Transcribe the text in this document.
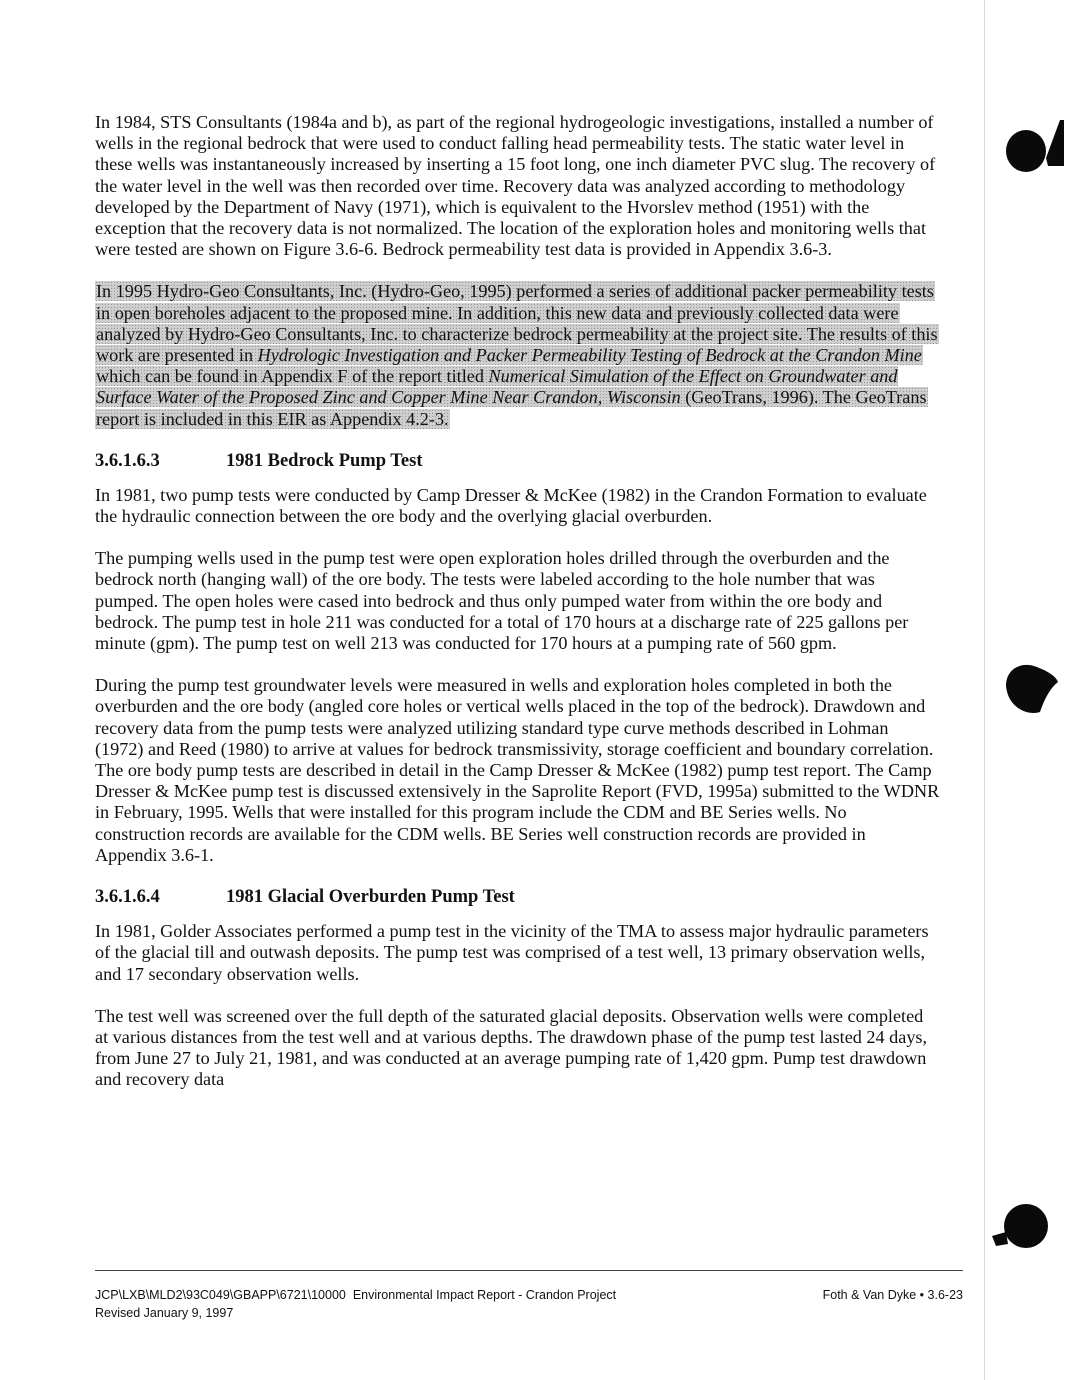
In 1984, STS Consultants (1984a and b), as part of the regional hydrogeologic investigations, installed a number of wells in the regional bedrock that were used to conduct falling head permeability tests. The static water level in these wells was instantaneously increased by inserting a 15 foot long, one inch diameter PVC slug. The recovery of the water level in the well was then recorded over time. Recovery data was analyzed according to methodology developed by the Department of Navy (1971), which is equivalent to the Hvorslev method (1951) with the exception that the recovery data is not normalized. The location of the exploration holes and monitoring wells that were tested are shown on Figure 3.6-6. Bedrock permeability test data is provided in Appendix 3.6-3.

In 1995 Hydro-Geo Consultants, Inc. (Hydro-Geo, 1995) performed a series of additional packer permeability tests in open boreholes adjacent to the proposed mine. In addition, this new data and previously collected data were analyzed by Hydro-Geo Consultants, Inc. to characterize bedrock permeability at the project site. The results of this work are presented in Hydrologic Investigation and Packer Permeability Testing of Bedrock at the Crandon Mine which can be found in Appendix F of the report titled Numerical Simulation of the Effect on Groundwater and Surface Water of the Proposed Zinc and Copper Mine Near Crandon, Wisconsin (GeoTrans, 1996). The GeoTrans report is included in this EIR as Appendix 4.2-3.

3.6.1.6.3	1981 Bedrock Pump Test

In 1981, two pump tests were conducted by Camp Dresser & McKee (1982) in the Crandon Formation to evaluate the hydraulic connection between the ore body and the overlying glacial overburden.

The pumping wells used in the pump test were open exploration holes drilled through the overburden and the bedrock north (hanging wall) of the ore body. The tests were labeled according to the hole number that was pumped. The open holes were cased into bedrock and thus only pumped water from within the ore body and bedrock. The pump test in hole 211 was conducted for a total of 170 hours at a discharge rate of 225 gallons per minute (gpm). The pump test on well 213 was conducted for 170 hours at a pumping rate of 560 gpm.

During the pump test groundwater levels were measured in wells and exploration holes completed in both the overburden and the ore body (angled core holes or vertical wells placed in the top of the bedrock). Drawdown and recovery data from the pump tests were analyzed utilizing standard type curve methods described in Lohman (1972) and Reed (1980) to arrive at values for bedrock transmissivity, storage coefficient and boundary correlation. The ore body pump tests are described in detail in the Camp Dresser & McKee (1982) pump test report. The Camp Dresser & McKee pump test is discussed extensively in the Saprolite Report (FVD, 1995a) submitted to the WDNR in February, 1995. Wells that were installed for this program include the CDM and BE Series wells. No construction records are available for the CDM wells. BE Series well construction records are provided in Appendix 3.6-1.

3.6.1.6.4	1981 Glacial Overburden Pump Test

In 1981, Golder Associates performed a pump test in the vicinity of the TMA to assess major hydraulic parameters of the glacial till and outwash deposits. The pump test was comprised of a test well, 13 primary observation wells, and 17 secondary observation wells.

The test well was screened over the full depth of the saturated glacial deposits. Observation wells were completed at various distances from the test well and at various depths. The drawdown phase of the pump test lasted 24 days, from June 27 to July 21, 1981, and was conducted at an average pumping rate of 1,420 gpm. Pump test drawdown and recovery data

JCP\LXB\MLD2\93C049\GBAPP\6721\10000 Environmental Impact Report - Crandon Project
Revised January 9, 1997
Foth & Van Dyke • 3.6-23
